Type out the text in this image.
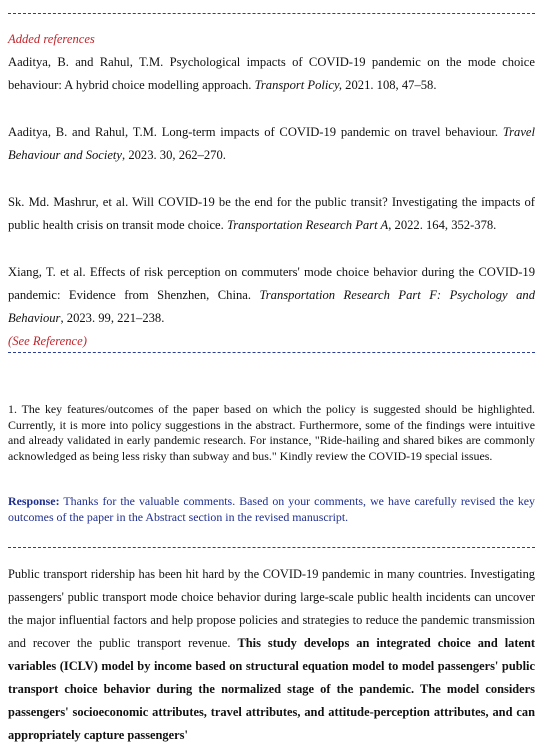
Added references

Aaditya, B. and Rahul, T.M. Psychological impacts of COVID-19 pandemic on the mode choice behaviour: A hybrid choice modelling approach. Transport Policy, 2021. 108, 47–58.

Aaditya, B. and Rahul, T.M. Long-term impacts of COVID-19 pandemic on travel behaviour. Travel Behaviour and Society, 2023. 30, 262–270.

Sk. Md. Mashrur, et al. Will COVID-19 be the end for the public transit? Investigating the impacts of public health crisis on transit mode choice. Transportation Research Part A, 2022. 164, 352-378.

Xiang, T. et al. Effects of risk perception on commuters' mode choice behavior during the COVID-19 pandemic: Evidence from Shenzhen, China. Transportation Research Part F: Psychology and Behaviour, 2023. 99, 221–238.

(See Reference)
1. The key features/outcomes of the paper based on which the policy is suggested should be highlighted. Currently, it is more into policy suggestions in the abstract. Furthermore, some of the findings were intuitive and already validated in early pandemic research. For instance, "Ride-hailing and shared bikes are commonly acknowledged as being less risky than subway and bus." Kindly review the COVID-19 special issues.
Response: Thanks for the valuable comments. Based on your comments, we have carefully revised the key outcomes of the paper in the Abstract section in the revised manuscript.
Public transport ridership has been hit hard by the COVID-19 pandemic in many countries. Investigating passengers' public transport mode choice behavior during large-scale public health incidents can uncover the major influential factors and help propose policies and strategies to reduce the pandemic transmission and recover the public transport revenue. This study develops an integrated choice and latent variables (ICLV) model by income based on structural equation model to model passengers' public transport choice behavior during the normalized stage of the pandemic. The model considers passengers' socioeconomic attributes, travel attributes, and attitude-perception attributes, and can appropriately capture passengers'
